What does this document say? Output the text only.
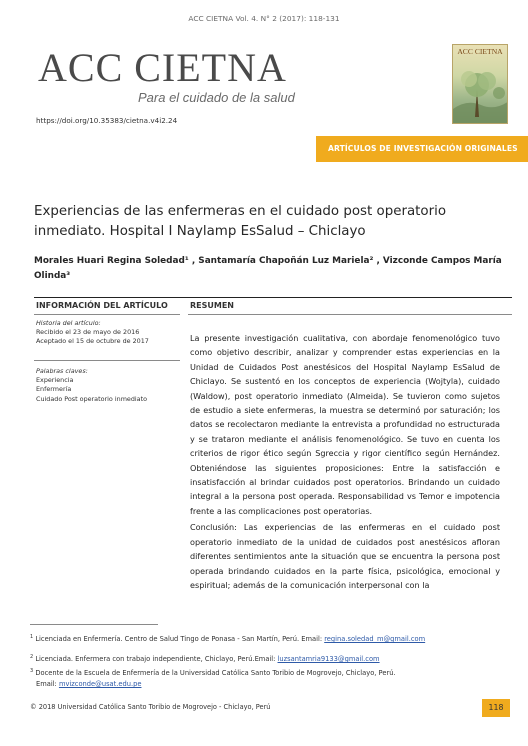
ACC CIETNA Vol. 4. N° 2 (2017): 118-131
ACC CIETNA
Para el cuidado de la salud
https://doi.org/10.35383/cietna.v4i2.24
ACC CIETNA
ARTÍCULOS DE INVESTIGACIÓN ORIGINALES
Experiencias de las enfermeras en el cuidado post operatorio inmediato. Hospital I Naylamp EsSalud – Chiclayo
Morales Huari Regina Soledad¹ , Santamaría Chapoñán Luz Mariela² , Vizconde Campos María Olinda³
INFORMACIÓN DEL ARTÍCULO	RESUMEN
Historia del artículo:
Recibido el 23 de mayo de 2016
Aceptado el 15 de octubre de 2017
Palabras claves:
Experiencia
Enfermería
Cuidado Post operatorio inmediato

La presente investigación cualitativa, con abordaje fenomenológico tuvo como objetivo describir, analizar y comprender estas experiencias en la Unidad de Cuidados Post anestésicos del Hospital Naylamp EsSalud de Chiclayo. Se sustentó en los conceptos de experiencia (Wojtyla), cuidado (Waldow), post operatorio inmediato (Almeida). Se tuvieron como sujetos de estudio a siete enfermeras, la muestra se determinó por saturación; los datos se recolectaron mediante la entrevista a profundidad no estructurada y se trataron mediante el análisis fenomenológico. Se tuvo en cuenta los criterios de rigor ético según Sgreccia y rigor científico según Hernández. Obteniéndose las siguientes proposiciones: Entre la satisfacción e insatisfacción al brindar cuidados post operatorios. Brindando un cuidado integral a la persona post operada. Responsabilidad vs Temor e impotencia frente a las complicaciones post operatorias.

Conclusión: Las experiencias de las enfermeras en el cuidado post operatorio inmediato de la unidad de cuidados post anestésicos afloran diferentes sentimientos ante la situación que se encuentra la persona post operada brindando cuidados en la parte física, psicológica, emocional y espiritual; además de la comunicación interpersonal con la

$^1$ Licenciada en Enfermería. Centro de Salud Tingo de Ponasa - San Martín, Perú. Email: regina.soledad_m@gmail.com
$^2$ Licenciada. Enfermera con trabajo independiente, Chiclayo, Perú.Email: luzsantamria9133@gmail.com
$^3$ Docente de la Escuela de Enfermería de la Universidad Católica Santo Toribio de Mogrovejo, Chiclayo, Perú.
Email: mvizconde@usat.edu.pe
© 2018 Universidad Católica Santo Toribio de Mogrovejo - Chiclayo, Perú	118
